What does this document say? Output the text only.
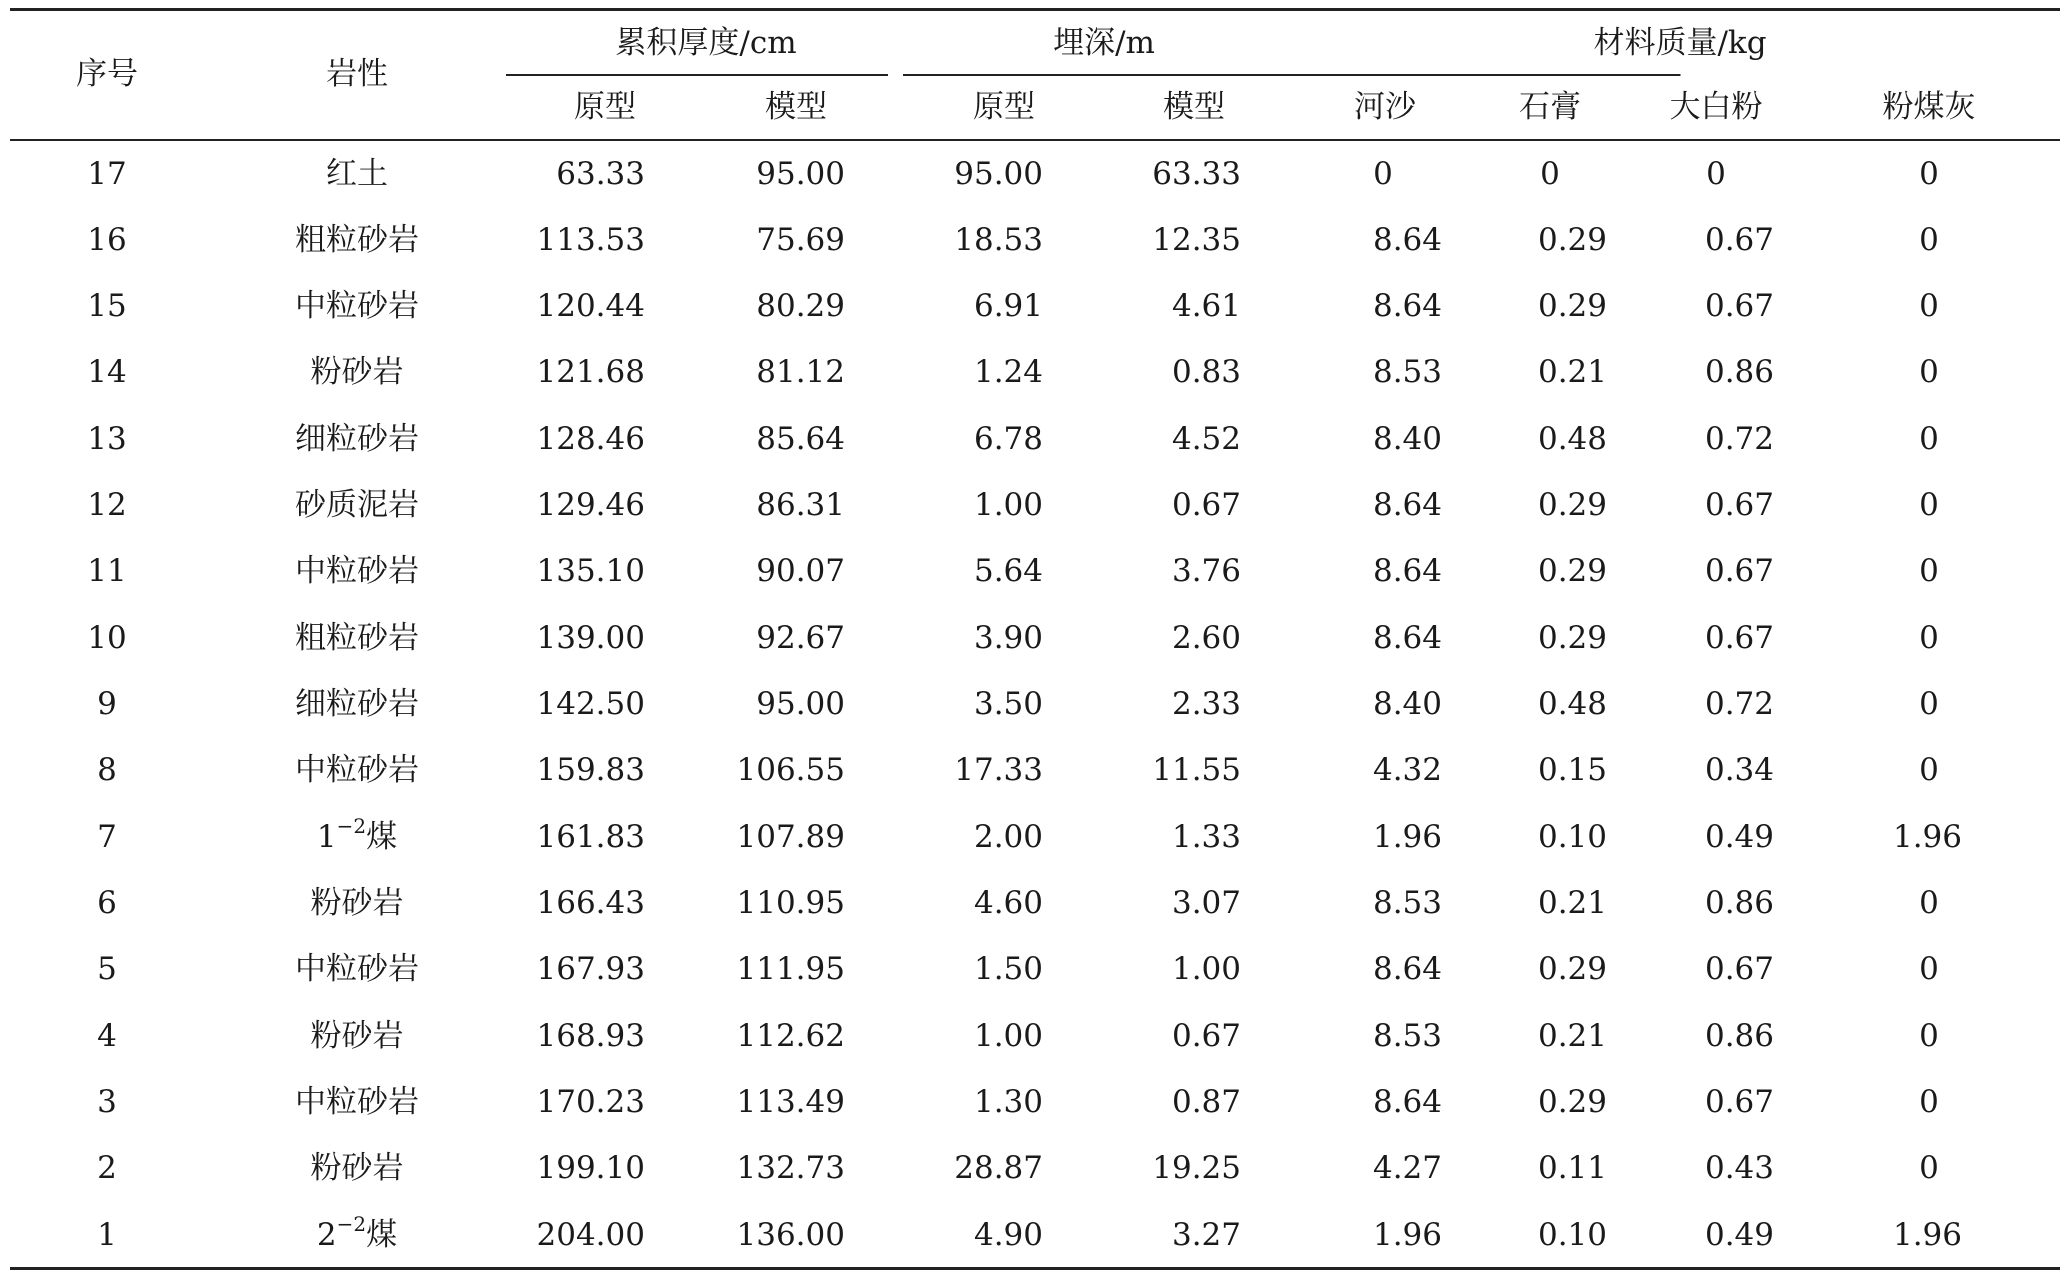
序号	岩性
累积厚度/cm	埋深/m	材料质量/kg
原型	模型	原型	模型	河沙	石膏	大白粉	粉煤灰
17	红土	63.33	95.00	95.00	63.33	0	0	0	0
16	粗粒砂岩	113.53	75.69	18.53	12.35	8.64	0.29	0.67	0
15	中粒砂岩	120.44	80.29	6.91	4.61	8.64	0.29	0.67	0
14	粉砂岩	121.68	81.12	1.24	0.83	8.53	0.21	0.86	0
13	细粒砂岩	128.46	85.64	6.78	4.52	8.40	0.48	0.72	0
12	砂质泥岩	129.46	86.31	1.00	0.67	8.64	0.29	0.67	0
11	中粒砂岩	135.10	90.07	5.64	3.76	8.64	0.29	0.67	0
10	粗粒砂岩	139.00	92.67	3.90	2.60	8.64	0.29	0.67	0
9	细粒砂岩	142.50	95.00	3.50	2.33	8.40	0.48	0.72	0
8	中粒砂岩	159.83	106.55	17.33	11.55	4.32	0.15	0.34	0
7	$1^{-2}$煤	161.83	107.89	2.00	1.33	1.96	0.10	0.49	1.96
6	粉砂岩	166.43	110.95	4.60	3.07	8.53	0.21	0.86	0
5	中粒砂岩	167.93	111.95	1.50	1.00	8.64	0.29	0.67	0
4	粉砂岩	168.93	112.62	1.00	0.67	8.53	0.21	0.86	0
3	中粒砂岩	170.23	113.49	1.30	0.87	8.64	0.29	0.67	0
2	粉砂岩	199.10	132.73	28.87	19.25	4.27	0.11	0.43	0
1	$2^{-2}$煤	204.00	136.00	4.90	3.27	1.96	0.10	0.49	1.96
